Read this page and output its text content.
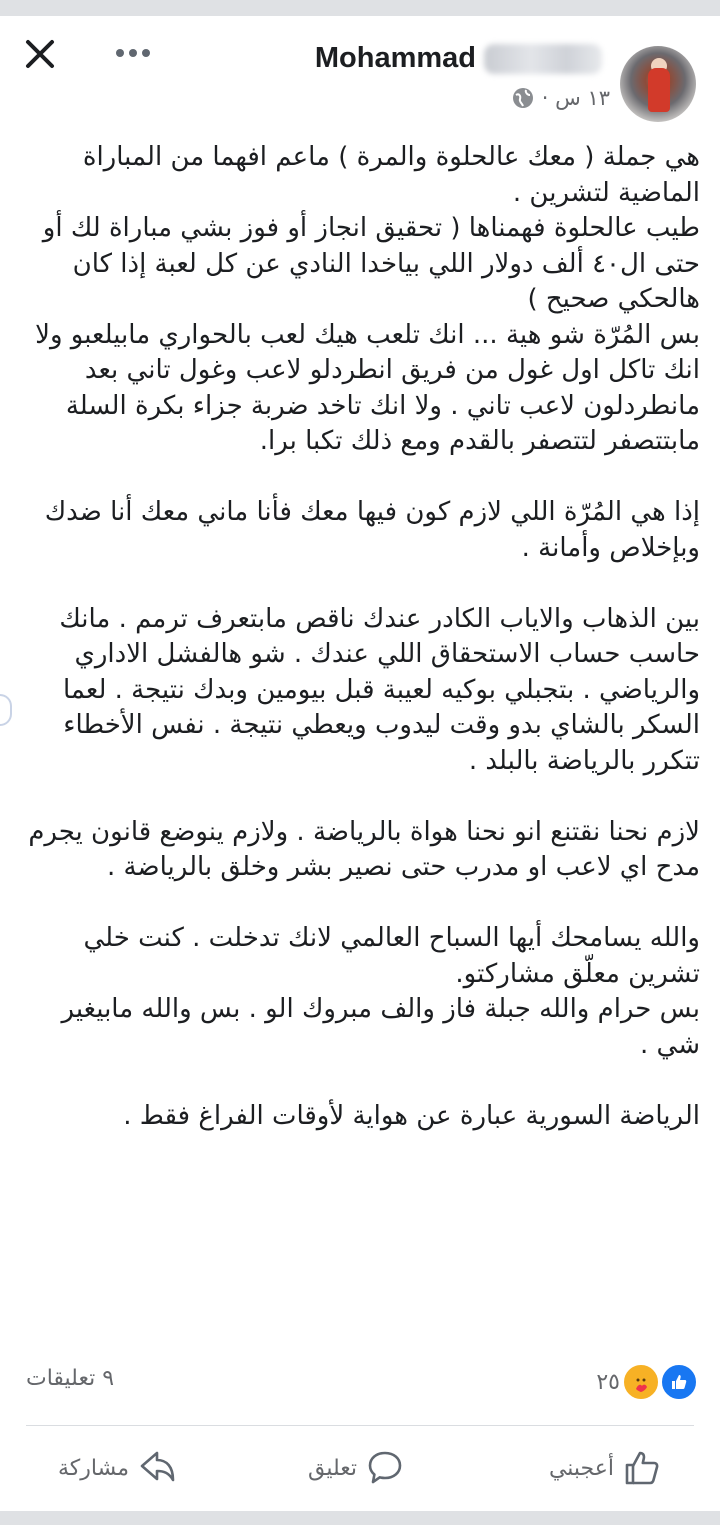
Mohammad
١٣ س ·

هي جملة ( معك عالحلوة والمرة ) ماعم افهما من المباراة الماضية لتشرين .

طيب عالحلوة فهمناها ( تحقيق انجاز أو فوز بشي مباراة لك أو حتى ال٤٠ ألف دولار اللي بياخدا النادي عن كل لعبة إذا كان هالحكي صحيح )

بس المُرّة شو هية ... انك تلعب هيك لعب بالحواري مابيلعبو ولا انك تاكل اول غول من فريق انطردلو لاعب وغول تاني بعد مانطردلون لاعب تاني . ولا انك تاخد ضربة جزاء بكرة السلة مابتتصفر لتتصفر بالقدم ومع ذلك تكبا برا.

إذا هي المُرّة اللي لازم كون فيها معك فأنا ماني معك أنا ضدك وبإخلاص وأمانة .

بين الذهاب والاياب الكادر عندك ناقص مابتعرف ترمم . مانك حاسب حساب الاستحقاق اللي عندك . شو هالفشل الاداري والرياضي . بتجبلي بوكيه لعيبة قبل بيومين وبدك نتيجة . لعما السكر بالشاي بدو وقت ليدوب ويعطي نتيجة . نفس الأخطاء تتكرر بالرياضة بالبلد .

لازم نحنا نقتنع انو نحنا هواة بالرياضة . ولازم ينوضع قانون يجرم مدح اي لاعب او مدرب حتى نصير بشر وخلق بالرياضة .

والله يسامحك أيها السباح العالمي لانك تدخلت . كنت خلي تشرين معلّق مشاركتو.

بس حرام والله جبلة فاز والف مبروك الو . بس والله مابيغير شي .

الرياضة السورية عبارة عن هواية لأوقات الفراغ فقط .

٢٥
٩ تعليقات
أعجبني
تعليق
مشاركة
